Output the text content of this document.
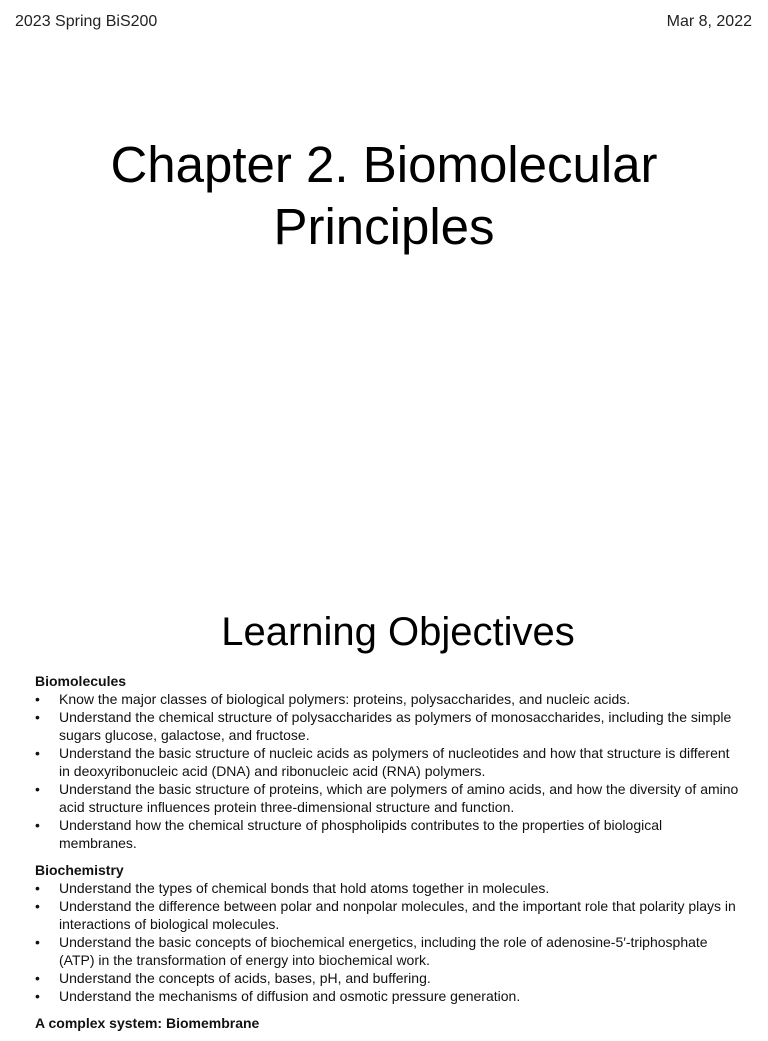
2023 Spring BiS200	Mar 8, 2022
Chapter 2. Biomolecular
Principles
Learning Objectives
Biomolecules
• Know the major classes of biological polymers: proteins, polysaccharides, and nucleic acids.
• Understand the chemical structure of polysaccharides as polymers of monosaccharides, including the simple sugars glucose, galactose, and fructose.
• Understand the basic structure of nucleic acids as polymers of nucleotides and how that structure is different in deoxyribonucleic acid (DNA) and ribonucleic acid (RNA) polymers.
• Understand the basic structure of proteins, which are polymers of amino acids, and how the diversity of amino acid structure influences protein three-dimensional structure and function.
• Understand how the chemical structure of phospholipids contributes to the properties of biological membranes.
Biochemistry
• Understand the types of chemical bonds that hold atoms together in molecules.
• Understand the difference between polar and nonpolar molecules, and the important role that polarity plays in interactions of biological molecules.
• Understand the basic concepts of biochemical energetics, including the role of adenosine-5′-triphosphate (ATP) in the transformation of energy into biochemical work.
• Understand the concepts of acids, bases, pH, and buffering.
• Understand the mechanisms of diffusion and osmotic pressure generation.
A complex system: Biomembrane
